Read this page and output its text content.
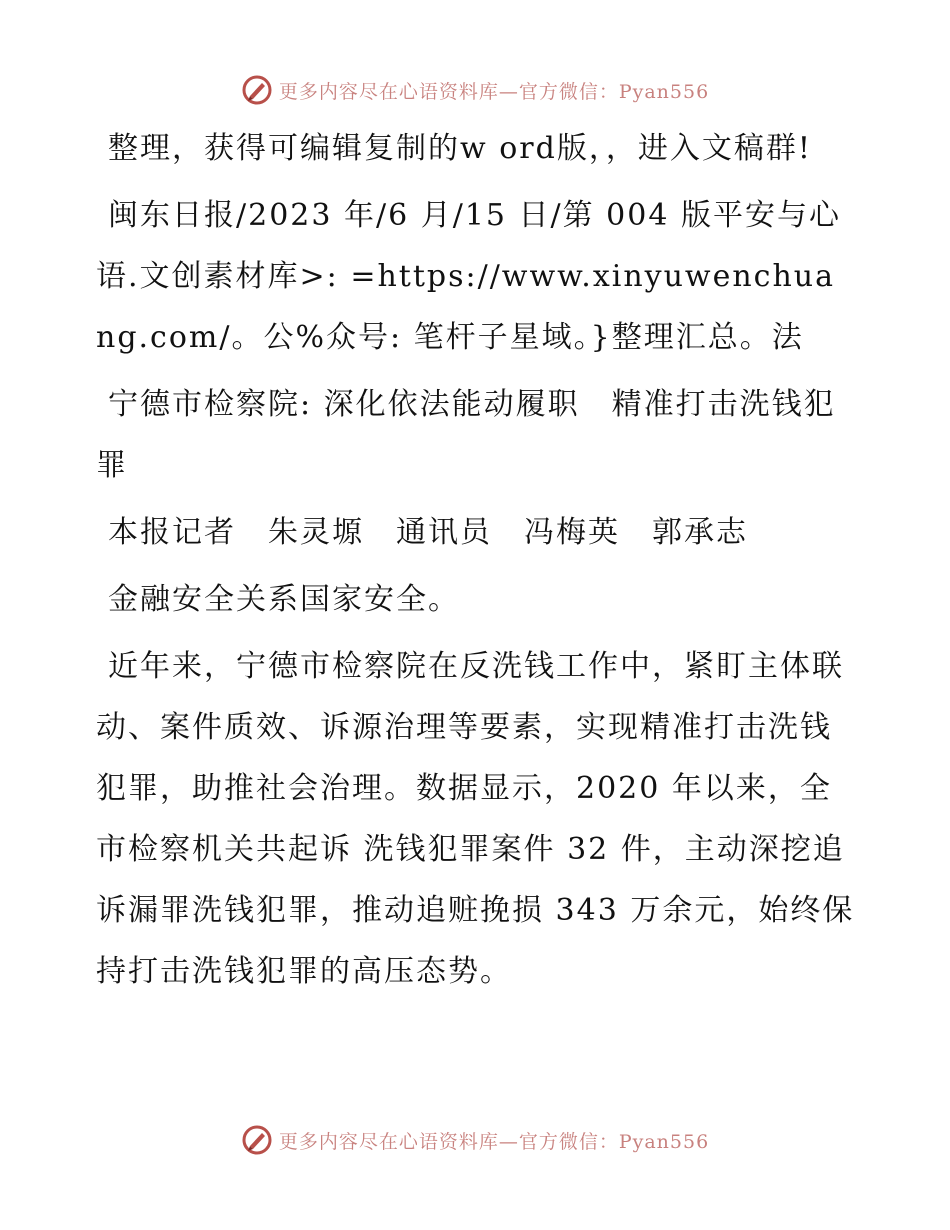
更多内容尽在心语资料库—官方微信：Pyan556

整理，获得可编辑复制的w ord版，，进入文稿群!

闽东日报/2023 年/6 月/15 日/第 004 版平安与心语.文创素材库>: =https://www.xinyuwenchuang.com/。公%众号: 笔杆子星域。}整理汇总。法

宁德市检察院: 深化依法能动履职　精准打击洗钱犯罪

本报记者　朱灵塬　通讯员　冯梅英　郭承志

金融安全关系国家安全。

近年来，宁德市检察院在反洗钱工作中，紧盯主体联动、案件质效、诉源治理等要素，实现精准打击洗钱犯罪，助推社会治理。数据显示，2020 年以来，全市检察机关共起诉 洗钱犯罪案件 32 件，主动深挖追诉漏罪洗钱犯罪，推动追赃挽损 343 万余元，始终保持打击洗钱犯罪的高压态势。

更多内容尽在心语资料库—官方微信：Pyan556
